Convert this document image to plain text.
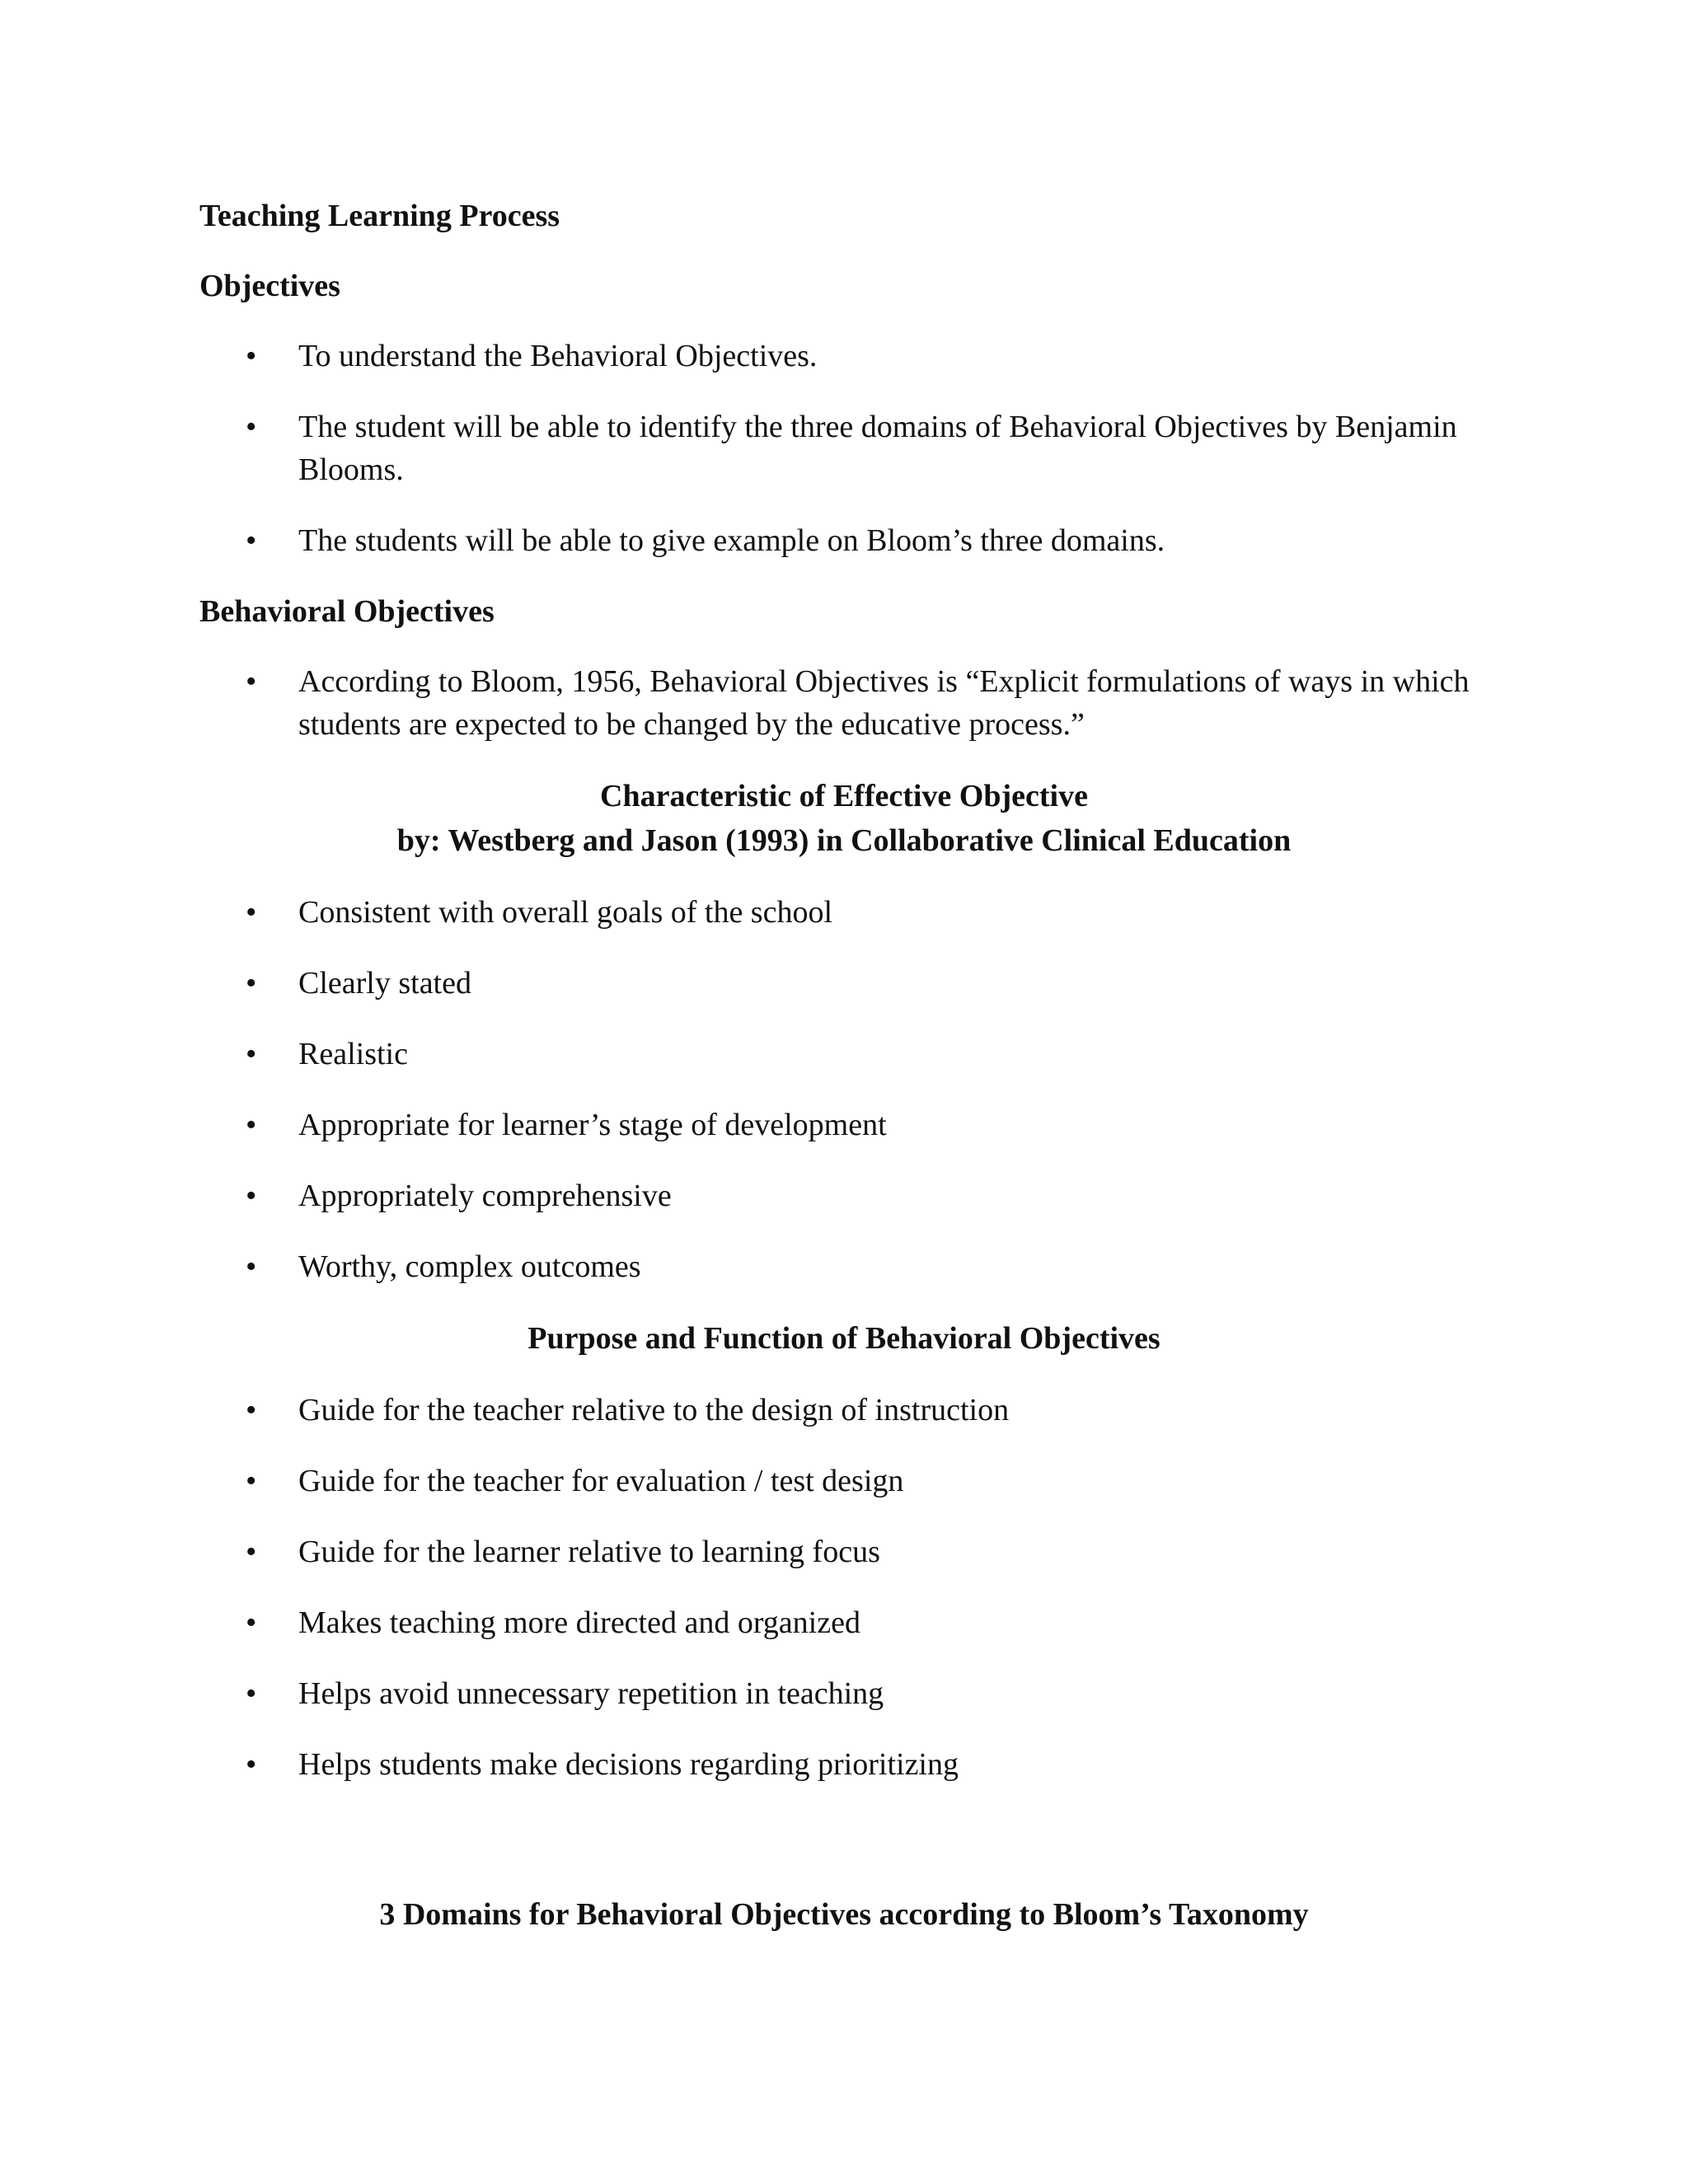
Teaching Learning Process

Objectives

•	To understand the Behavioral Objectives.
•	The student will be able to identify the three domains of Behavioral Objectives by Benjamin Blooms.
•	The students will be able to give example on Bloom’s three domains.

Behavioral Objectives

•	According to Bloom, 1956, Behavioral Objectives is “Explicit formulations of ways in which students are expected to be changed by the educative process.”
Characteristic of Effective Objective
by: Westberg and Jason (1993) in Collaborative Clinical Education
•	Consistent with overall goals of the school
•	Clearly stated
•	Realistic
•	Appropriate for learner’s stage of development
•	Appropriately comprehensive
•	Worthy, complex outcomes
Purpose and Function of Behavioral Objectives
•	Guide for the teacher relative to the design of instruction
•	Guide for the teacher for evaluation / test design
•	Guide for the learner relative to learning focus
•	Makes teaching more directed and organized
•	Helps avoid unnecessary repetition in teaching
•	Helps students make decisions regarding prioritizing
3 Domains for Behavioral Objectives according to Bloom’s Taxonomy
